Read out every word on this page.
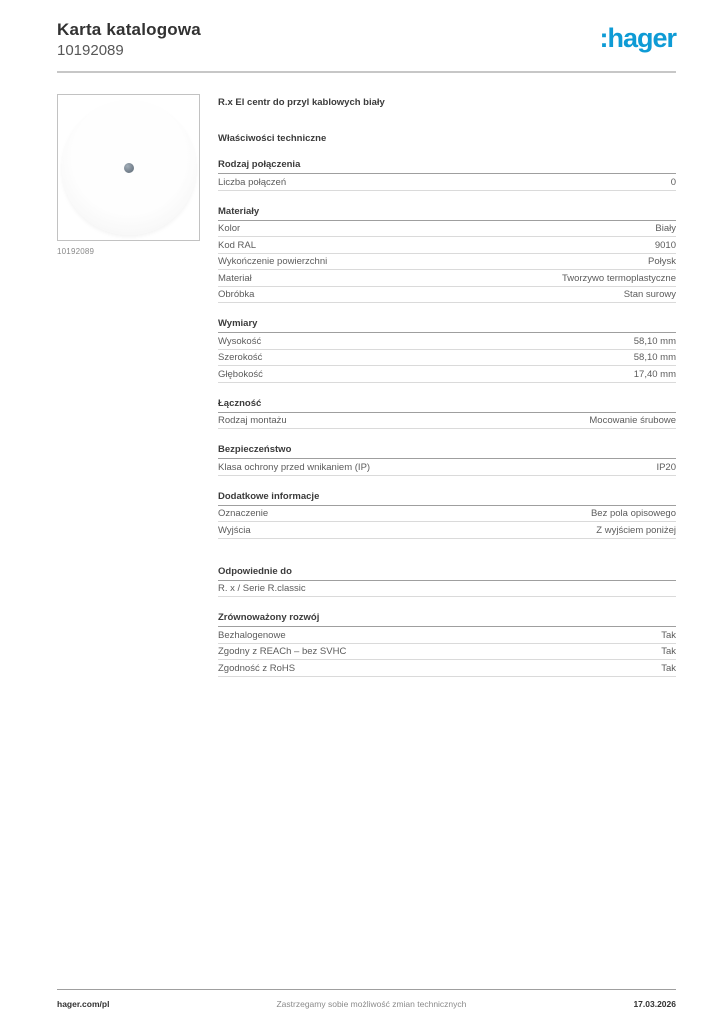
Karta katalogowa
10192089	:hager
10192089
R.x El centr do przyl kablowych biały
Właściwości techniczne
Rodzaj połączenia
Liczba połączeń	0
Materiały
Kolor	Biały
Kod RAL	9010
Wykończenie powierzchni	Połysk
Materiał	Tworzywo termoplastyczne
Obróbka	Stan surowy
Wymiary
Wysokość	58,10 mm
Szerokość	58,10 mm
Głębokość	17,40 mm
Łączność
Rodzaj montażu	Mocowanie śrubowe
Bezpieczeństwo
Klasa ochrony przed wnikaniem (IP)	IP20
Dodatkowe informacje
Oznaczenie	Bez pola opisowego
Wyjścia	Z wyjściem poniżej
Odpowiednie do
R. x / Serie R.classic
Zrównoważony rozwój
Bezhalogenowe	Tak
Zgodny z REACh – bez SVHC	Tak
Zgodność z RoHS	Tak
hager.com/pl	Zastrzegamy sobie możliwość zmian technicznych	17.03.2026
